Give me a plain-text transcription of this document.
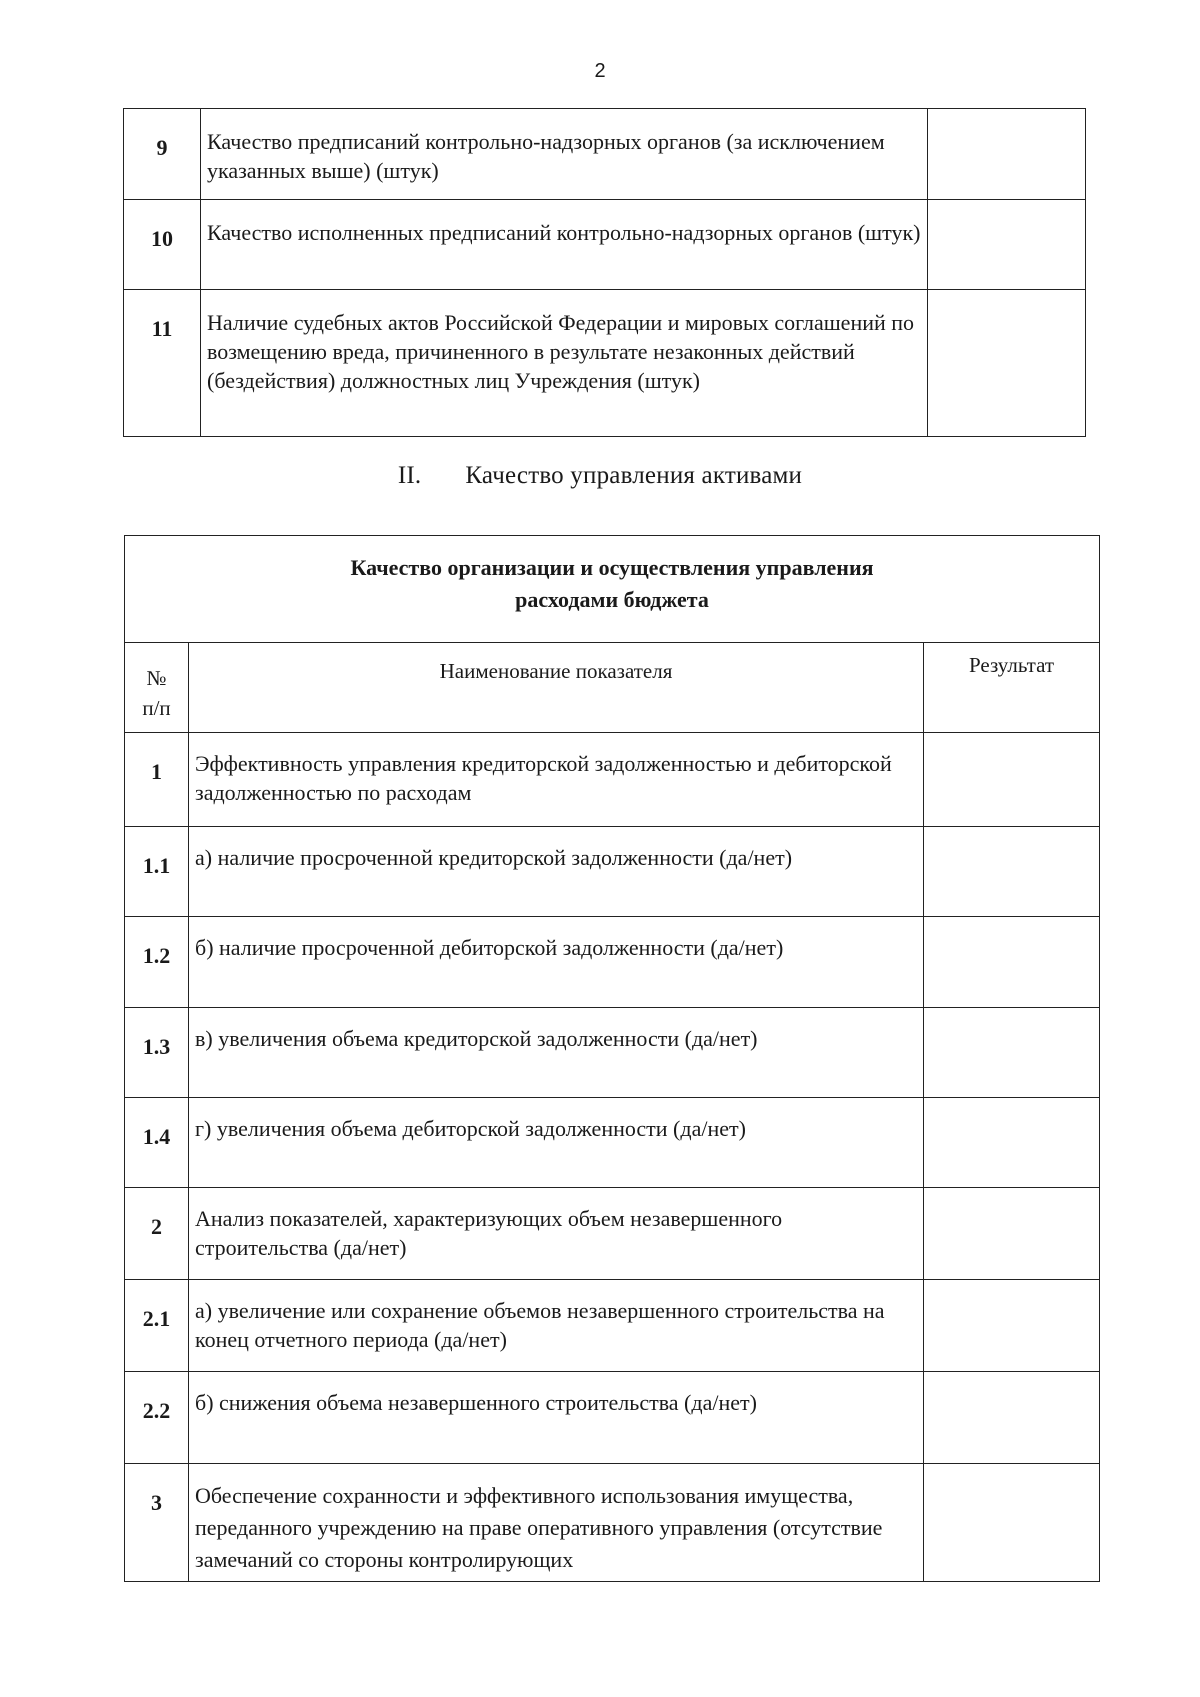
2
9	Качество предписаний контрольно-надзорных органов (за исключением указанных выше) (штук)	
10	Качество исполненных предписаний контрольно-надзорных органов (штук)	
11	Наличие судебных актов Российской Федерации и мировых соглашений по возмещению вреда, причиненного в результате незаконных действий (бездействия) должностных лиц Учреждения (штук)	
II. Качество управления активами
Качество организации и осуществления управления
расходами бюджета		

№
п/п	Наименование показателя	Результат
1	Эффективность управления кредиторской задолженностью и дебиторской задолженностью по расходам	
1.1	а) наличие просроченной кредиторской задолженности (да/нет)	
1.2	б) наличие просроченной дебиторской задолженности (да/нет)	
1.3	в) увеличения объема кредиторской задолженности (да/нет)	
1.4	г) увеличения объема дебиторской задолженности (да/нет)	
2	Анализ показателей, характеризующих объем незавершенного строительства (да/нет)	
2.1	а) увеличение или сохранение объемов незавершенного строительства на конец отчетного периода (да/нет)	
2.2	б) снижения объема незавершенного строительства (да/нет)	
3	Обеспечение сохранности и эффективного использования имущества, переданного учреждению на праве оперативного управления (отсутствие замечаний со стороны контролирующих	
